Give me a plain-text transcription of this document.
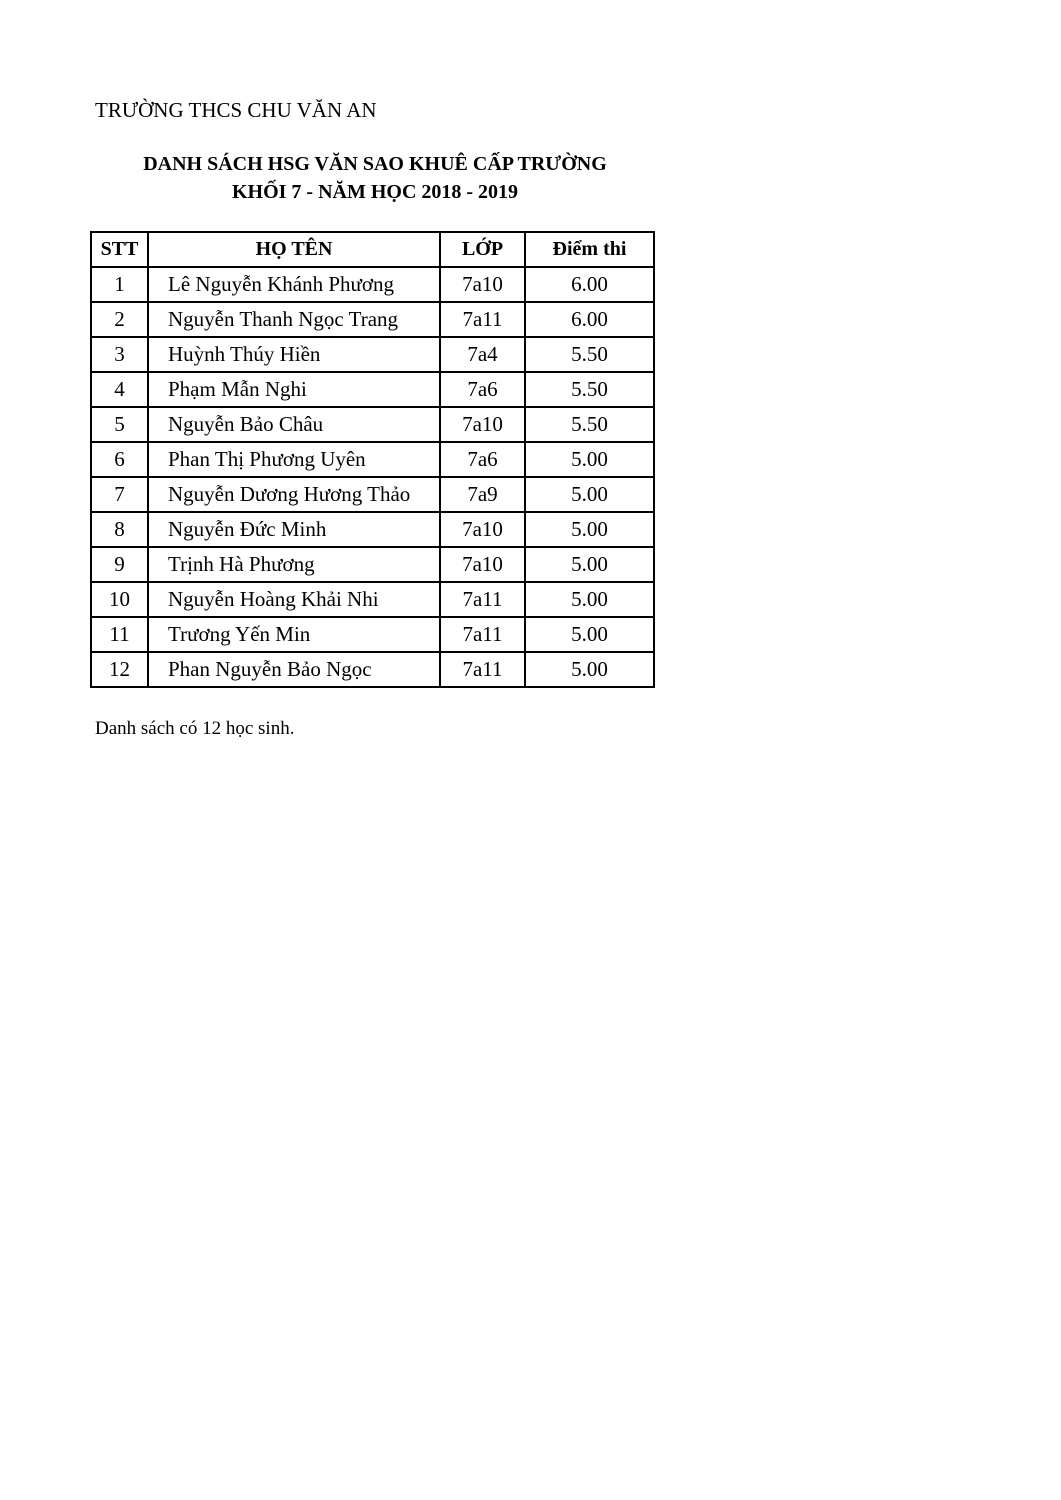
TRƯỜNG THCS CHU VĂN AN
DANH SÁCH HSG VĂN SAO KHUÊ CẤP TRƯỜNG
KHỐI 7 - NĂM HỌC 2018 - 2019
STT	HỌ TÊN	LỚP	Điểm thi
1	Lê Nguyễn Khánh Phương	7a10	6.00
2	Nguyễn Thanh Ngọc Trang	7a11	6.00
3	Huỳnh Thúy Hiền	7a4	5.50
4	Phạm Mẫn Nghi	7a6	5.50
5	Nguyễn Bảo Châu	7a10	5.50
6	Phan Thị Phương Uyên	7a6	5.00
7	Nguyễn Dương Hương Thảo	7a9	5.00
8	Nguyễn Đức Minh	7a10	5.00
9	Trịnh Hà Phương	7a10	5.00
10	Nguyễn Hoàng Khải Nhi	7a11	5.00
11	Trương Yến Min	7a11	5.00
12	Phan Nguyễn Bảo Ngọc	7a11	5.00
Danh sách có 12 học sinh.
